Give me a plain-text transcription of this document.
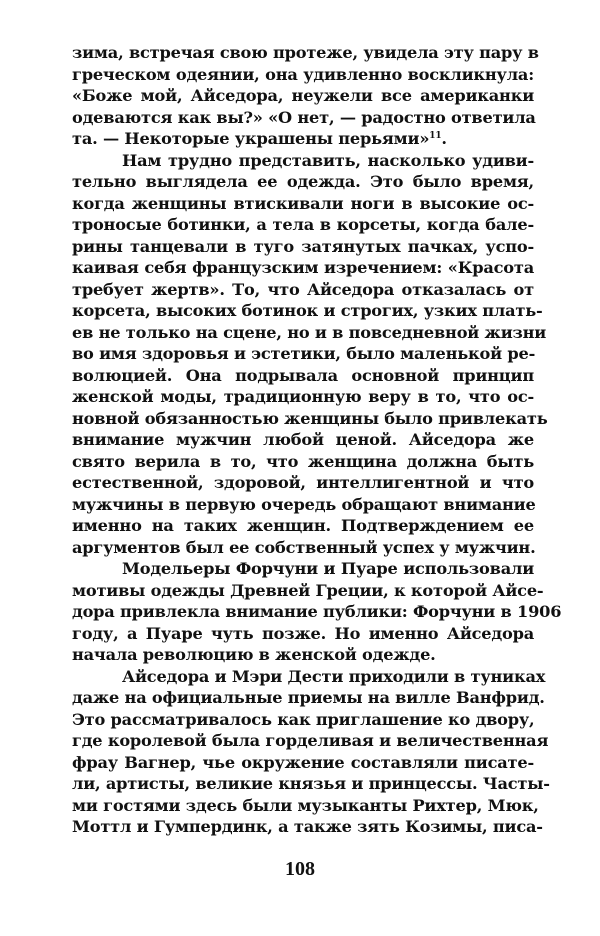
зима, встречая свою протеже, увидела эту пару в
греческом одеянии, она удивленно воскликнула:
«Боже мой, Айседора, неужели все американки
одеваются как вы?» «О нет, — радостно ответила
та. — Некоторые украшены перьями»$^{11}$.
Нам трудно представить, насколько удиви-
тельно выглядела ее одежда. Это было время,
когда женщины втискивали ноги в высокие ос-
троносые ботинки, а тела в корсеты, когда бале-
рины танцевали в туго затянутых пачках, успо-
каивая себя французским изречением: «Красота
требует жертв». То, что Айседора отказалась от
корсета, высоких ботинок и строгих, узких плать-
ев не только на сцене, но и в повседневной жизни
во имя здоровья и эстетики, было маленькой ре-
волюцией. Она подрывала основной принцип
женской моды, традиционную веру в то, что ос-
новной обязанностью женщины было привлекать
внимание мужчин любой ценой. Айседора же
свято верила в то, что женщина должна быть
естественной, здоровой, интеллигентной и что
мужчины в первую очередь обращают внимание
именно на таких женщин. Подтверждением ее
аргументов был ее собственный успех у мужчин.
Модельеры Форчуни и Пуаре использовали
мотивы одежды Древней Греции, к которой Айсе-
дора привлекла внимание публики: Форчуни в 1906
году, а Пуаре чуть позже. Но именно Айседора
начала революцию в женской одежде.
Айседора и Мэри Дести приходили в туниках
даже на официальные приемы на вилле Ванфрид.
Это рассматривалось как приглашение ко двору,
где королевой была горделивая и величественная
фрау Вагнер, чье окружение составляли писате-
ли, артисты, великие князья и принцессы. Часты-
ми гостями здесь были музыканты Рихтер, Мюк,
Моттл и Гумпердинк, а также зять Козимы, писа-
108
